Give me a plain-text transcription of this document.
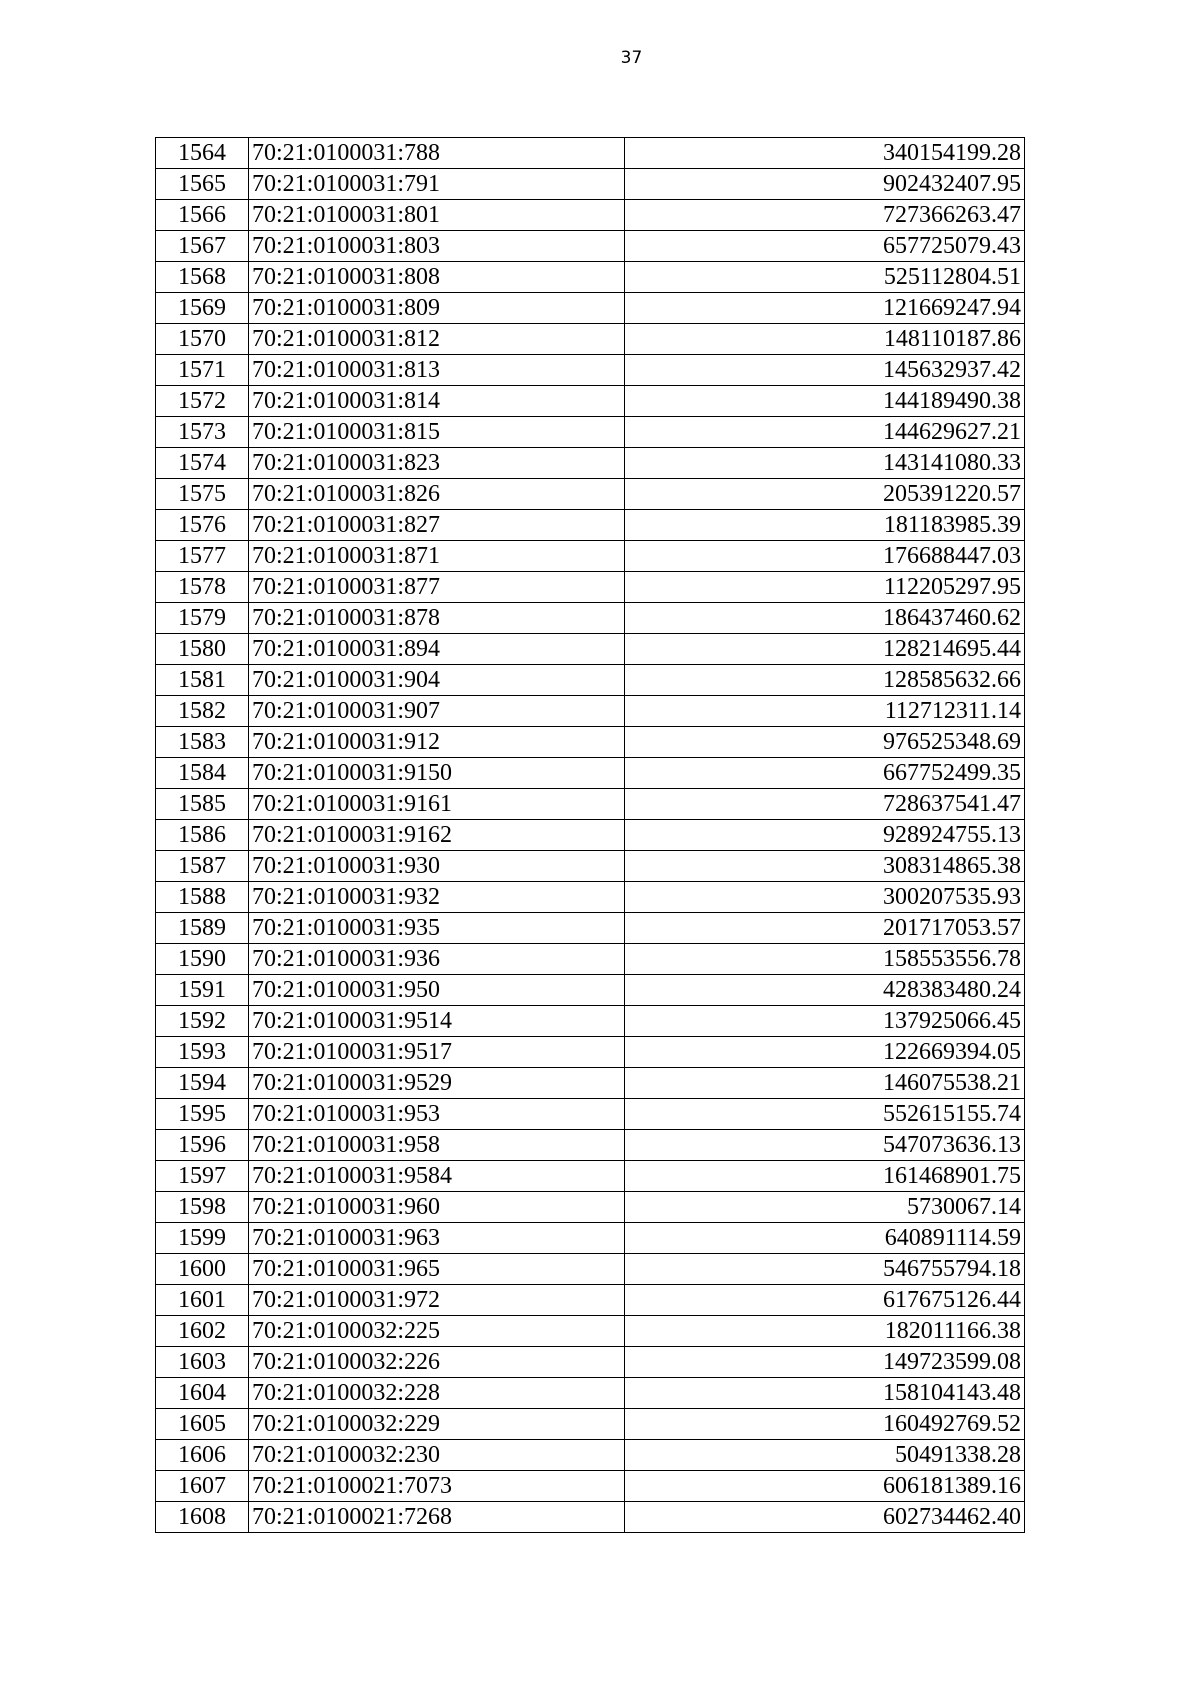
37
1564	70:21:0100031:788	340154199.28
1565	70:21:0100031:791	902432407.95
1566	70:21:0100031:801	727366263.47
1567	70:21:0100031:803	657725079.43
1568	70:21:0100031:808	525112804.51
1569	70:21:0100031:809	121669247.94
1570	70:21:0100031:812	148110187.86
1571	70:21:0100031:813	145632937.42
1572	70:21:0100031:814	144189490.38
1573	70:21:0100031:815	144629627.21
1574	70:21:0100031:823	143141080.33
1575	70:21:0100031:826	205391220.57
1576	70:21:0100031:827	181183985.39
1577	70:21:0100031:871	176688447.03
1578	70:21:0100031:877	112205297.95
1579	70:21:0100031:878	186437460.62
1580	70:21:0100031:894	128214695.44
1581	70:21:0100031:904	128585632.66
1582	70:21:0100031:907	112712311.14
1583	70:21:0100031:912	976525348.69
1584	70:21:0100031:9150	667752499.35
1585	70:21:0100031:9161	728637541.47
1586	70:21:0100031:9162	928924755.13
1587	70:21:0100031:930	308314865.38
1588	70:21:0100031:932	300207535.93
1589	70:21:0100031:935	201717053.57
1590	70:21:0100031:936	158553556.78
1591	70:21:0100031:950	428383480.24
1592	70:21:0100031:9514	137925066.45
1593	70:21:0100031:9517	122669394.05
1594	70:21:0100031:9529	146075538.21
1595	70:21:0100031:953	552615155.74
1596	70:21:0100031:958	547073636.13
1597	70:21:0100031:9584	161468901.75
1598	70:21:0100031:960	5730067.14
1599	70:21:0100031:963	640891114.59
1600	70:21:0100031:965	546755794.18
1601	70:21:0100031:972	617675126.44
1602	70:21:0100032:225	182011166.38
1603	70:21:0100032:226	149723599.08
1604	70:21:0100032:228	158104143.48
1605	70:21:0100032:229	160492769.52
1606	70:21:0100032:230	50491338.28
1607	70:21:0100021:7073	606181389.16
1608	70:21:0100021:7268	602734462.40
